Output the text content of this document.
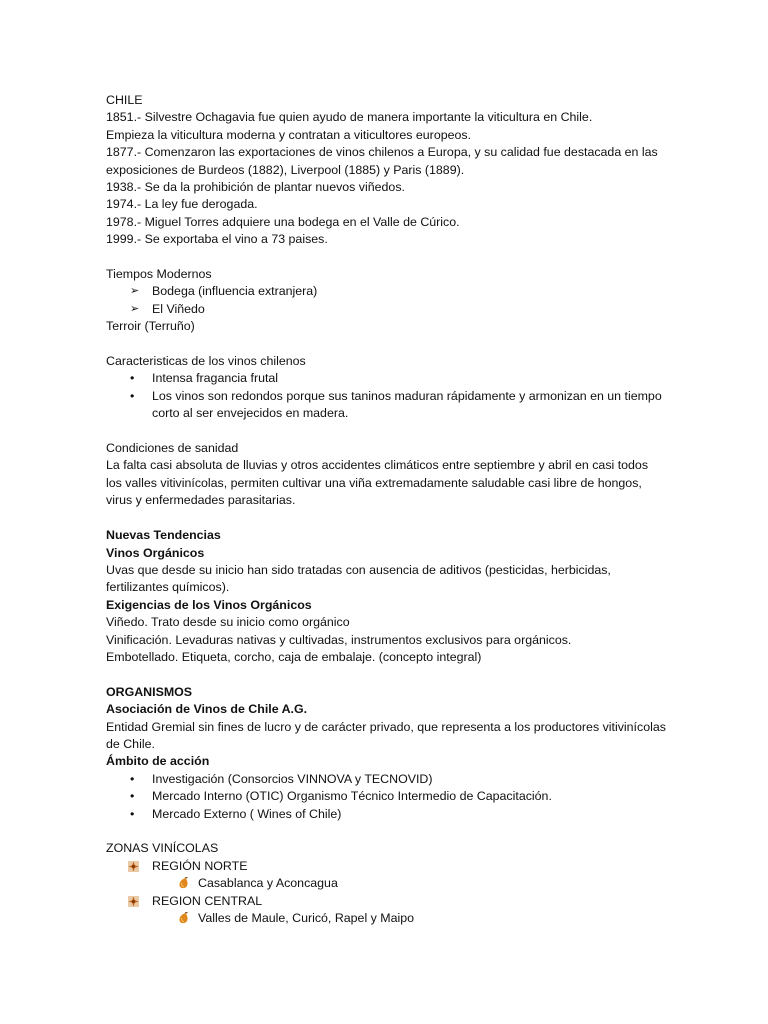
CHILE
1851.- Silvestre Ochagavia fue quien ayudo de manera importante la viticultura en Chile.
Empieza la viticultura moderna y contratan a viticultores europeos.
1877.- Comenzaron las exportaciones de vinos chilenos a Europa, y su calidad fue destacada en las
exposiciones de Burdeos (1882), Liverpool (1885) y Paris (1889).
1938.- Se da la prohibición de plantar nuevos viñedos.
1974.- La ley fue derogada.
1978.- Miguel Torres adquiere una bodega en el Valle de Cúrico.
1999.- Se exportaba el vino a 73 paises.
Tiempos Modernos
➢ Bodega (influencia extranjera)
➢ El Viñedo
Terroir (Terruño)
Caracteristicas de los vinos chilenos
• Intensa fragancia frutal
• Los vinos son redondos porque sus taninos maduran rápidamente y armonizan en un tiempo corto al ser envejecidos en madera.
Condiciones de sanidad
La falta casi absoluta de lluvias y otros accidentes climáticos entre septiembre y abril en casi todos los valles vitivinícolas, permiten cultivar una viña extremadamente saludable casi libre de hongos, virus y enfermedades parasitarias.
Nuevas Tendencias
Vinos Orgánicos
Uvas que desde su inicio han sido tratadas con ausencia de aditivos (pesticidas, herbicidas, fertilizantes químicos).
Exigencias de los Vinos Orgánicos
Viñedo. Trato desde su inicio como orgánico
Vinificación. Levaduras nativas y cultivadas, instrumentos exclusivos para orgánicos.
Embotellado. Etiqueta, corcho, caja de embalaje. (concepto integral)
ORGANISMOS
Asociación de Vinos de Chile A.G.
Entidad Gremial sin fines de lucro y de carácter privado, que representa a los productores vitivinícolas de Chile.
Ámbito de acción
• Investigación (Consorcios VINNOVA y TECNOVID)
• Mercado Interno (OTIC) Organismo Técnico Intermedio de Capacitación.
• Mercado Externo ( Wines of Chile)
ZONAS VINÍCOLAS
REGIÓN NORTE
Casablanca y Aconcagua
REGION CENTRAL
Valles de Maule, Curicó, Rapel y Maipo
